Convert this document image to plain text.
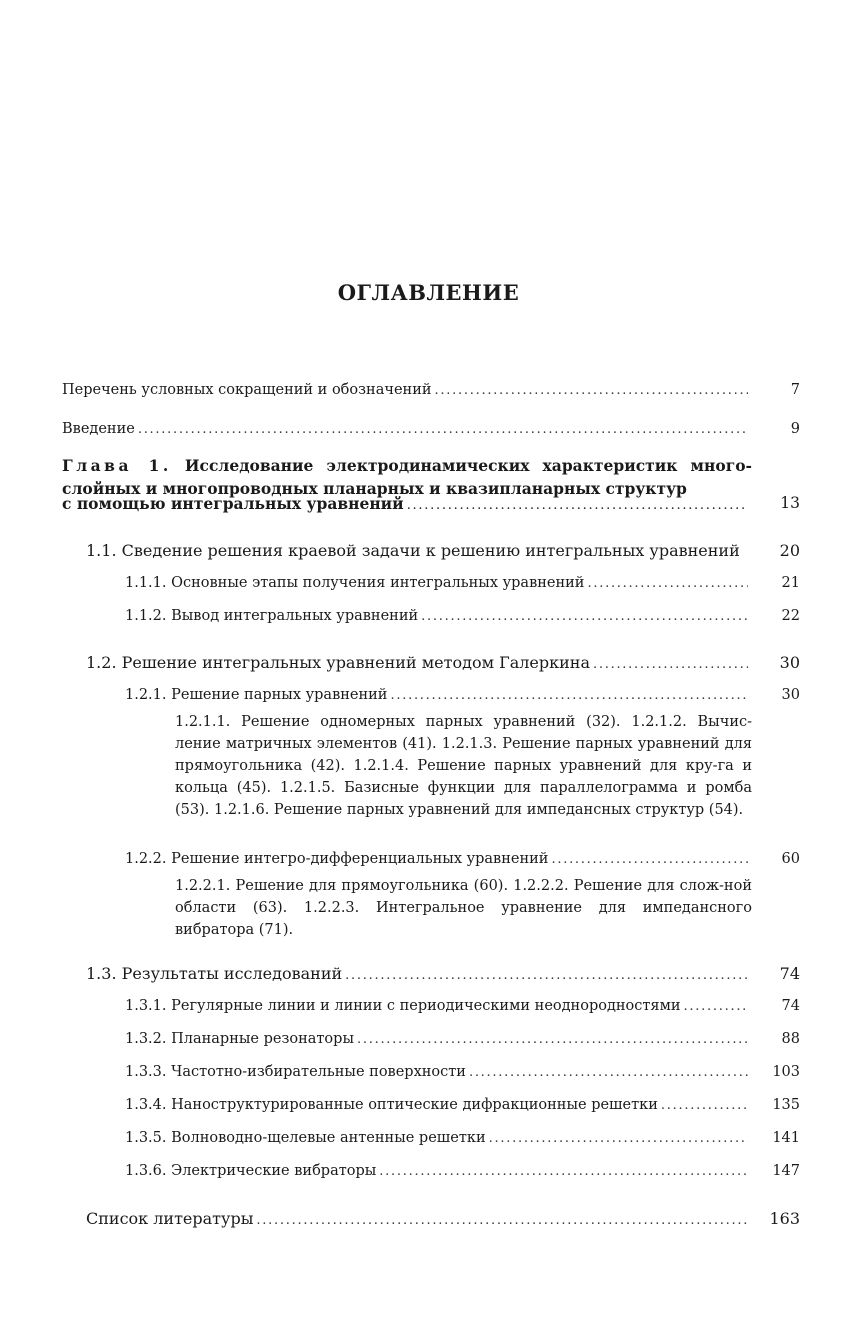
ОГЛАВЛЕНИЕ
Перечень условных сокращений и обозначений . . .	7
Введение . . .	9
Глава 1. Исследование электродинамических характеристик много-слойных и многопроводных планарных и квазипланарных структур
с помощью интегральных уравнений . . .	13
1.1. Сведение решения краевой задачи к решению интегральных уравнений	20
1.1.1. Основные этапы получения интегральных уравнений . . .	21
1.1.2. Вывод интегральных уравнений . . .	22
1.2. Решение интегральных уравнений методом Галеркина . . .	30
1.2.1. Решение парных уравнений . . .	30
1.2.1.1. Решение одномерных парных уравнений (32). 1.2.1.2. Вычис-ление матричных элементов (41). 1.2.1.3. Решение парных уравнений для прямоугольника (42). 1.2.1.4. Решение парных уравнений для кру-га и кольца (45). 1.2.1.5. Базисные функции для параллелограмма и ромба (53). 1.2.1.6. Решение парных уравнений для импедансных структур (54).
1.2.2. Решение интегро-дифференциальных уравнений . . .	60
1.2.2.1. Решение для прямоугольника (60). 1.2.2.2. Решение для слож-ной области (63). 1.2.2.3. Интегральное уравнение для импедансного вибратора (71).
1.3. Результаты исследований . . .	74
1.3.1. Регулярные линии и линии с периодическими неоднородностями . . .	74
1.3.2. Планарные резонаторы . . .	88
1.3.3. Частотно-избирательные поверхности . . .	103
1.3.4. Наноструктурированные оптические дифракционные решетки . . .	135
1.3.5. Волноводно-щелевые антенные решетки . . .	141
1.3.6. Электрические вибраторы . . .	147
Список литературы . . .	163
